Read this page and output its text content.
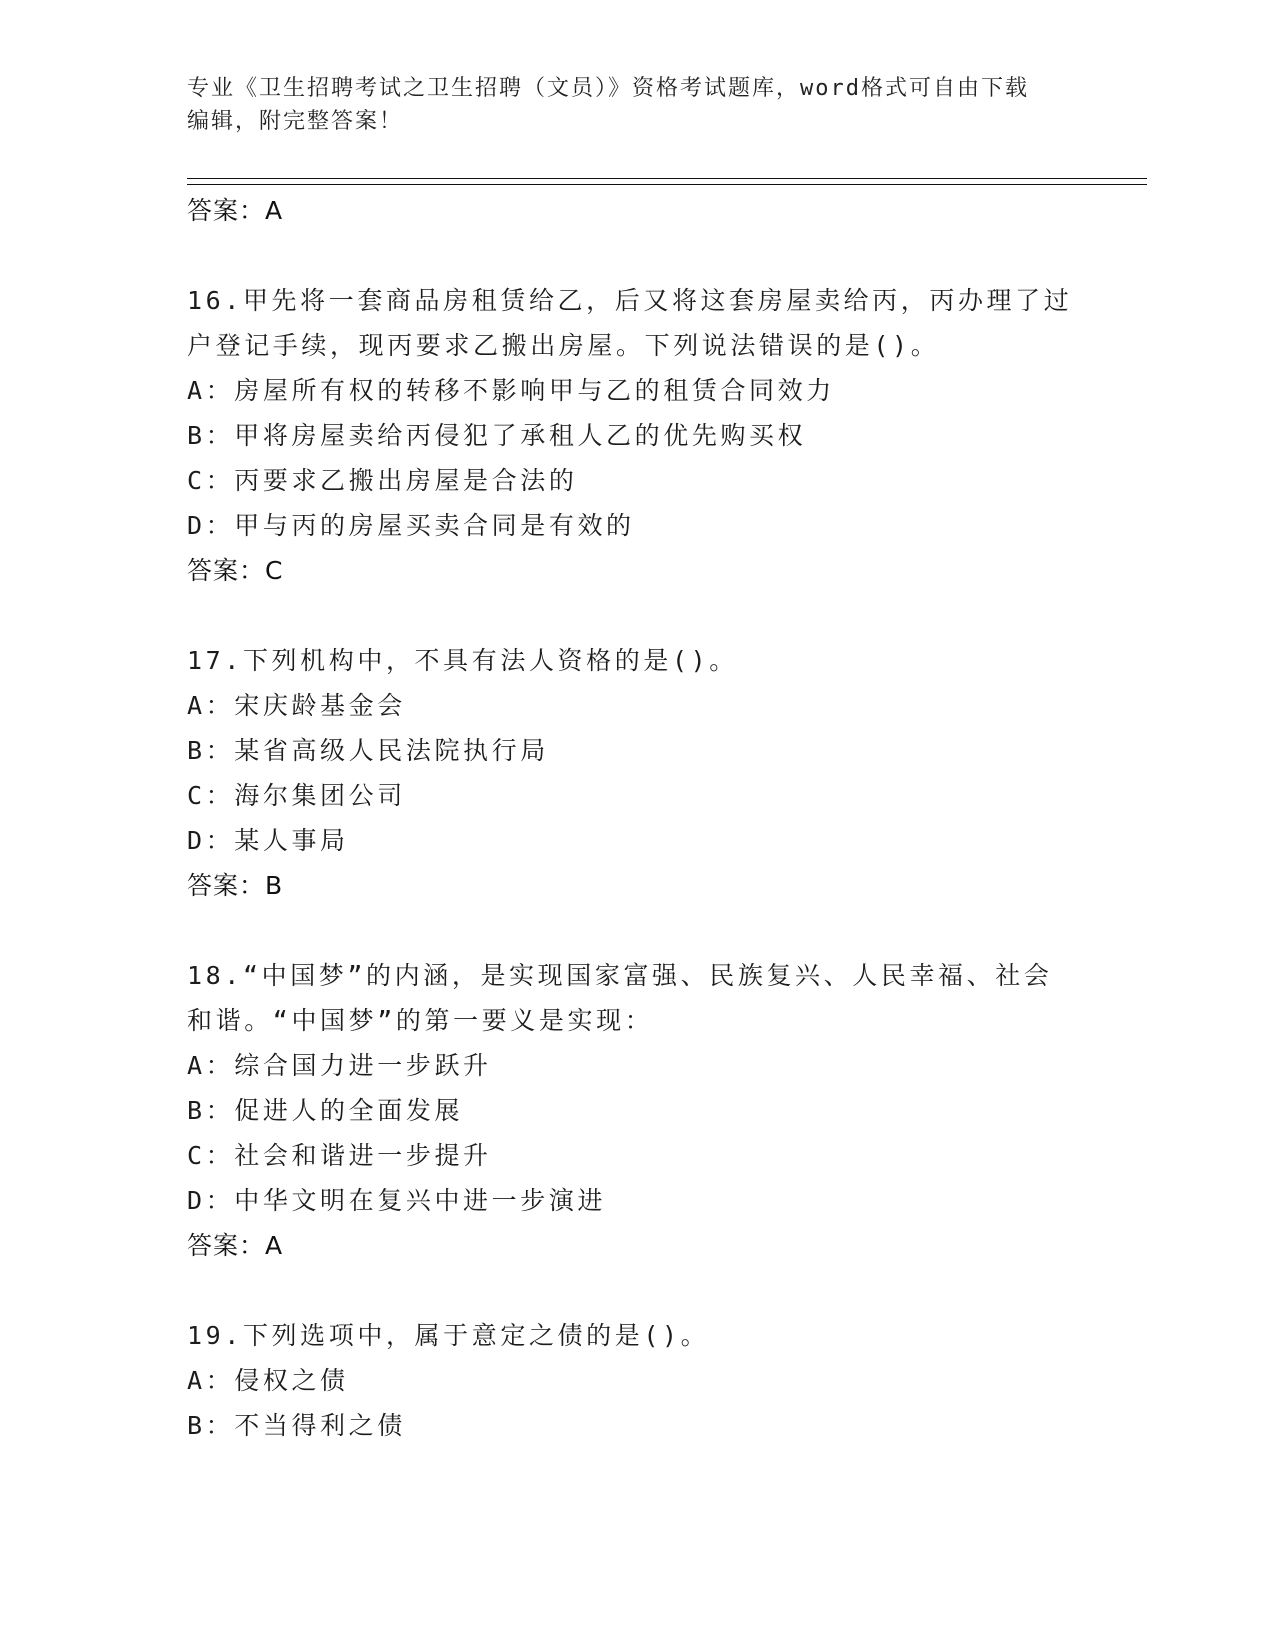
专业《卫生招聘考试之卫生招聘（文员）》资格考试题库，word格式可自由下载
编辑，附完整答案！
答案：A
16.甲先将一套商品房租赁给乙，后又将这套房屋卖给丙，丙办理了过
户登记手续，现丙要求乙搬出房屋。下列说法错误的是()。
A：房屋所有权的转移不影响甲与乙的租赁合同效力
B：甲将房屋卖给丙侵犯了承租人乙的优先购买权
C：丙要求乙搬出房屋是合法的
D：甲与丙的房屋买卖合同是有效的
答案：C
17.下列机构中，不具有法人资格的是()。
A：宋庆龄基金会
B：某省高级人民法院执行局
C：海尔集团公司
D：某人事局
答案：B
18.“中国梦”的内涵，是实现国家富强、民族复兴、人民幸福、社会
和谐。“中国梦”的第一要义是实现：
A：综合国力进一步跃升
B：促进人的全面发展
C：社会和谐进一步提升
D：中华文明在复兴中进一步演进
答案：A
19.下列选项中，属于意定之债的是()。
A：侵权之债
B：不当得利之债
